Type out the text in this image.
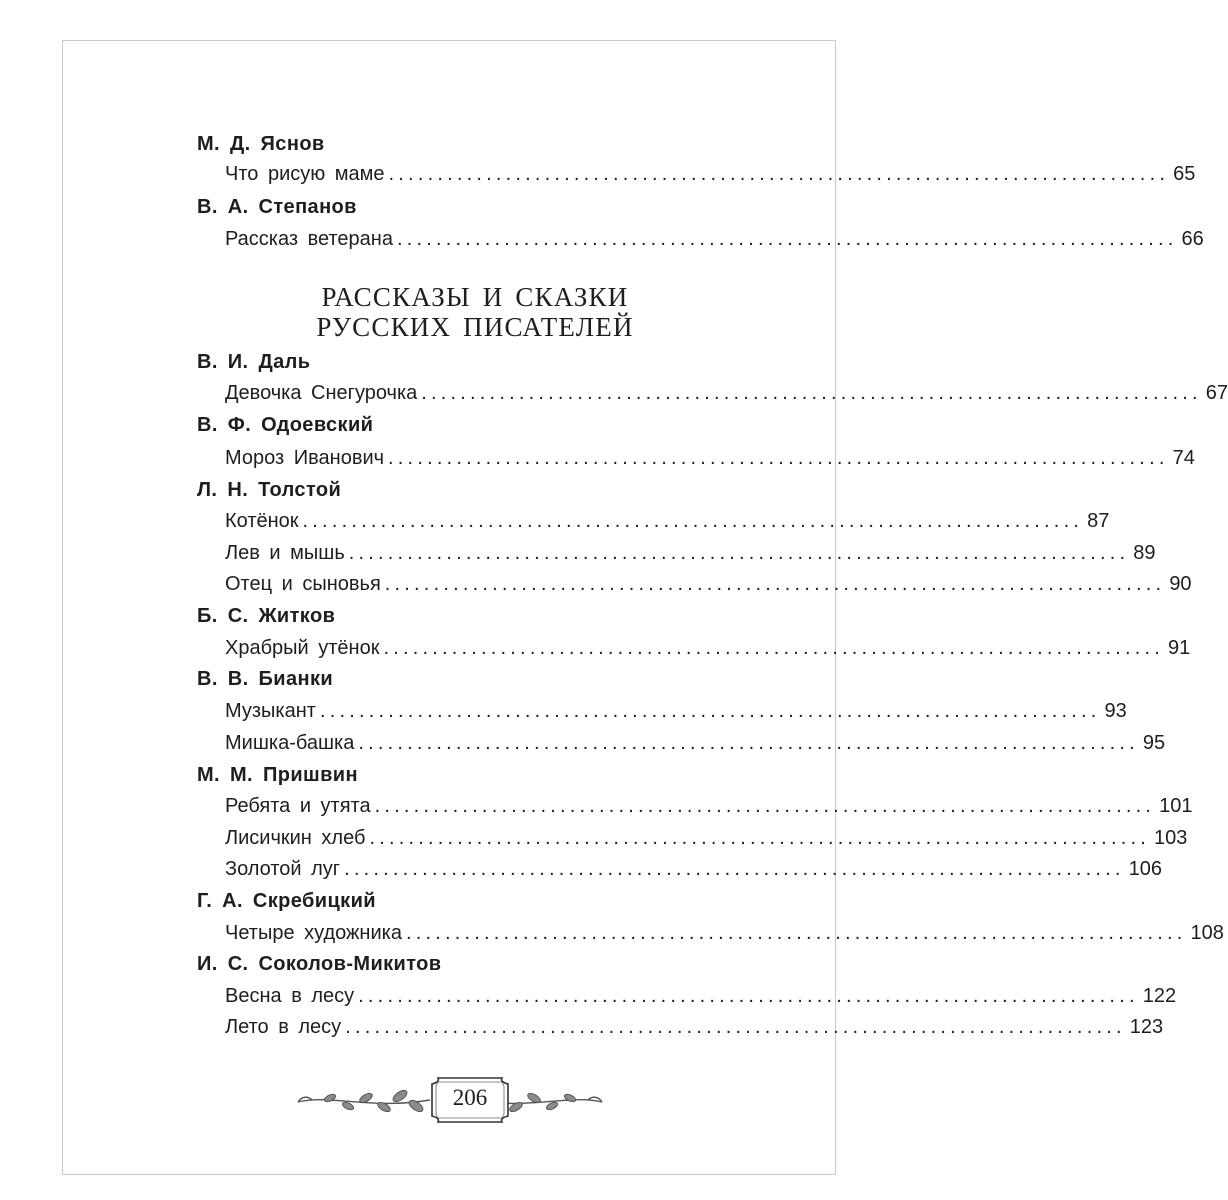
М. Д. Яснов
Что рисую маме ................................................................................ 65
В. А. Степанов
Рассказ ветерана ................................................................................ 66
РАССКАЗЫ И СКАЗКИ
РУССКИХ ПИСАТЕЛЕЙ
В. И. Даль
Девочка Снегурочка ................................................................................ 67
В. Ф. Одоевский
Мороз Иванович ................................................................................ 74
Л. Н. Толстой
Котёнок ................................................................................ 87
Лев и мышь ................................................................................ 89
Отец и сыновья ................................................................................ 90
Б. С. Житков
Храбрый утёнок ................................................................................ 91
В. В. Бианки
Музыкант ................................................................................ 93
Мишка-башка ................................................................................ 95
М. М. Пришвин
Ребята и утята ................................................................................ 101
Лисичкин хлеб ................................................................................ 103
Золотой луг ................................................................................ 106
Г. А. Скребицкий
Четыре художника ................................................................................ 108
И. С. Соколов-Микитов
Весна в лесу ................................................................................ 122
Лето в лесу ................................................................................ 123
206
